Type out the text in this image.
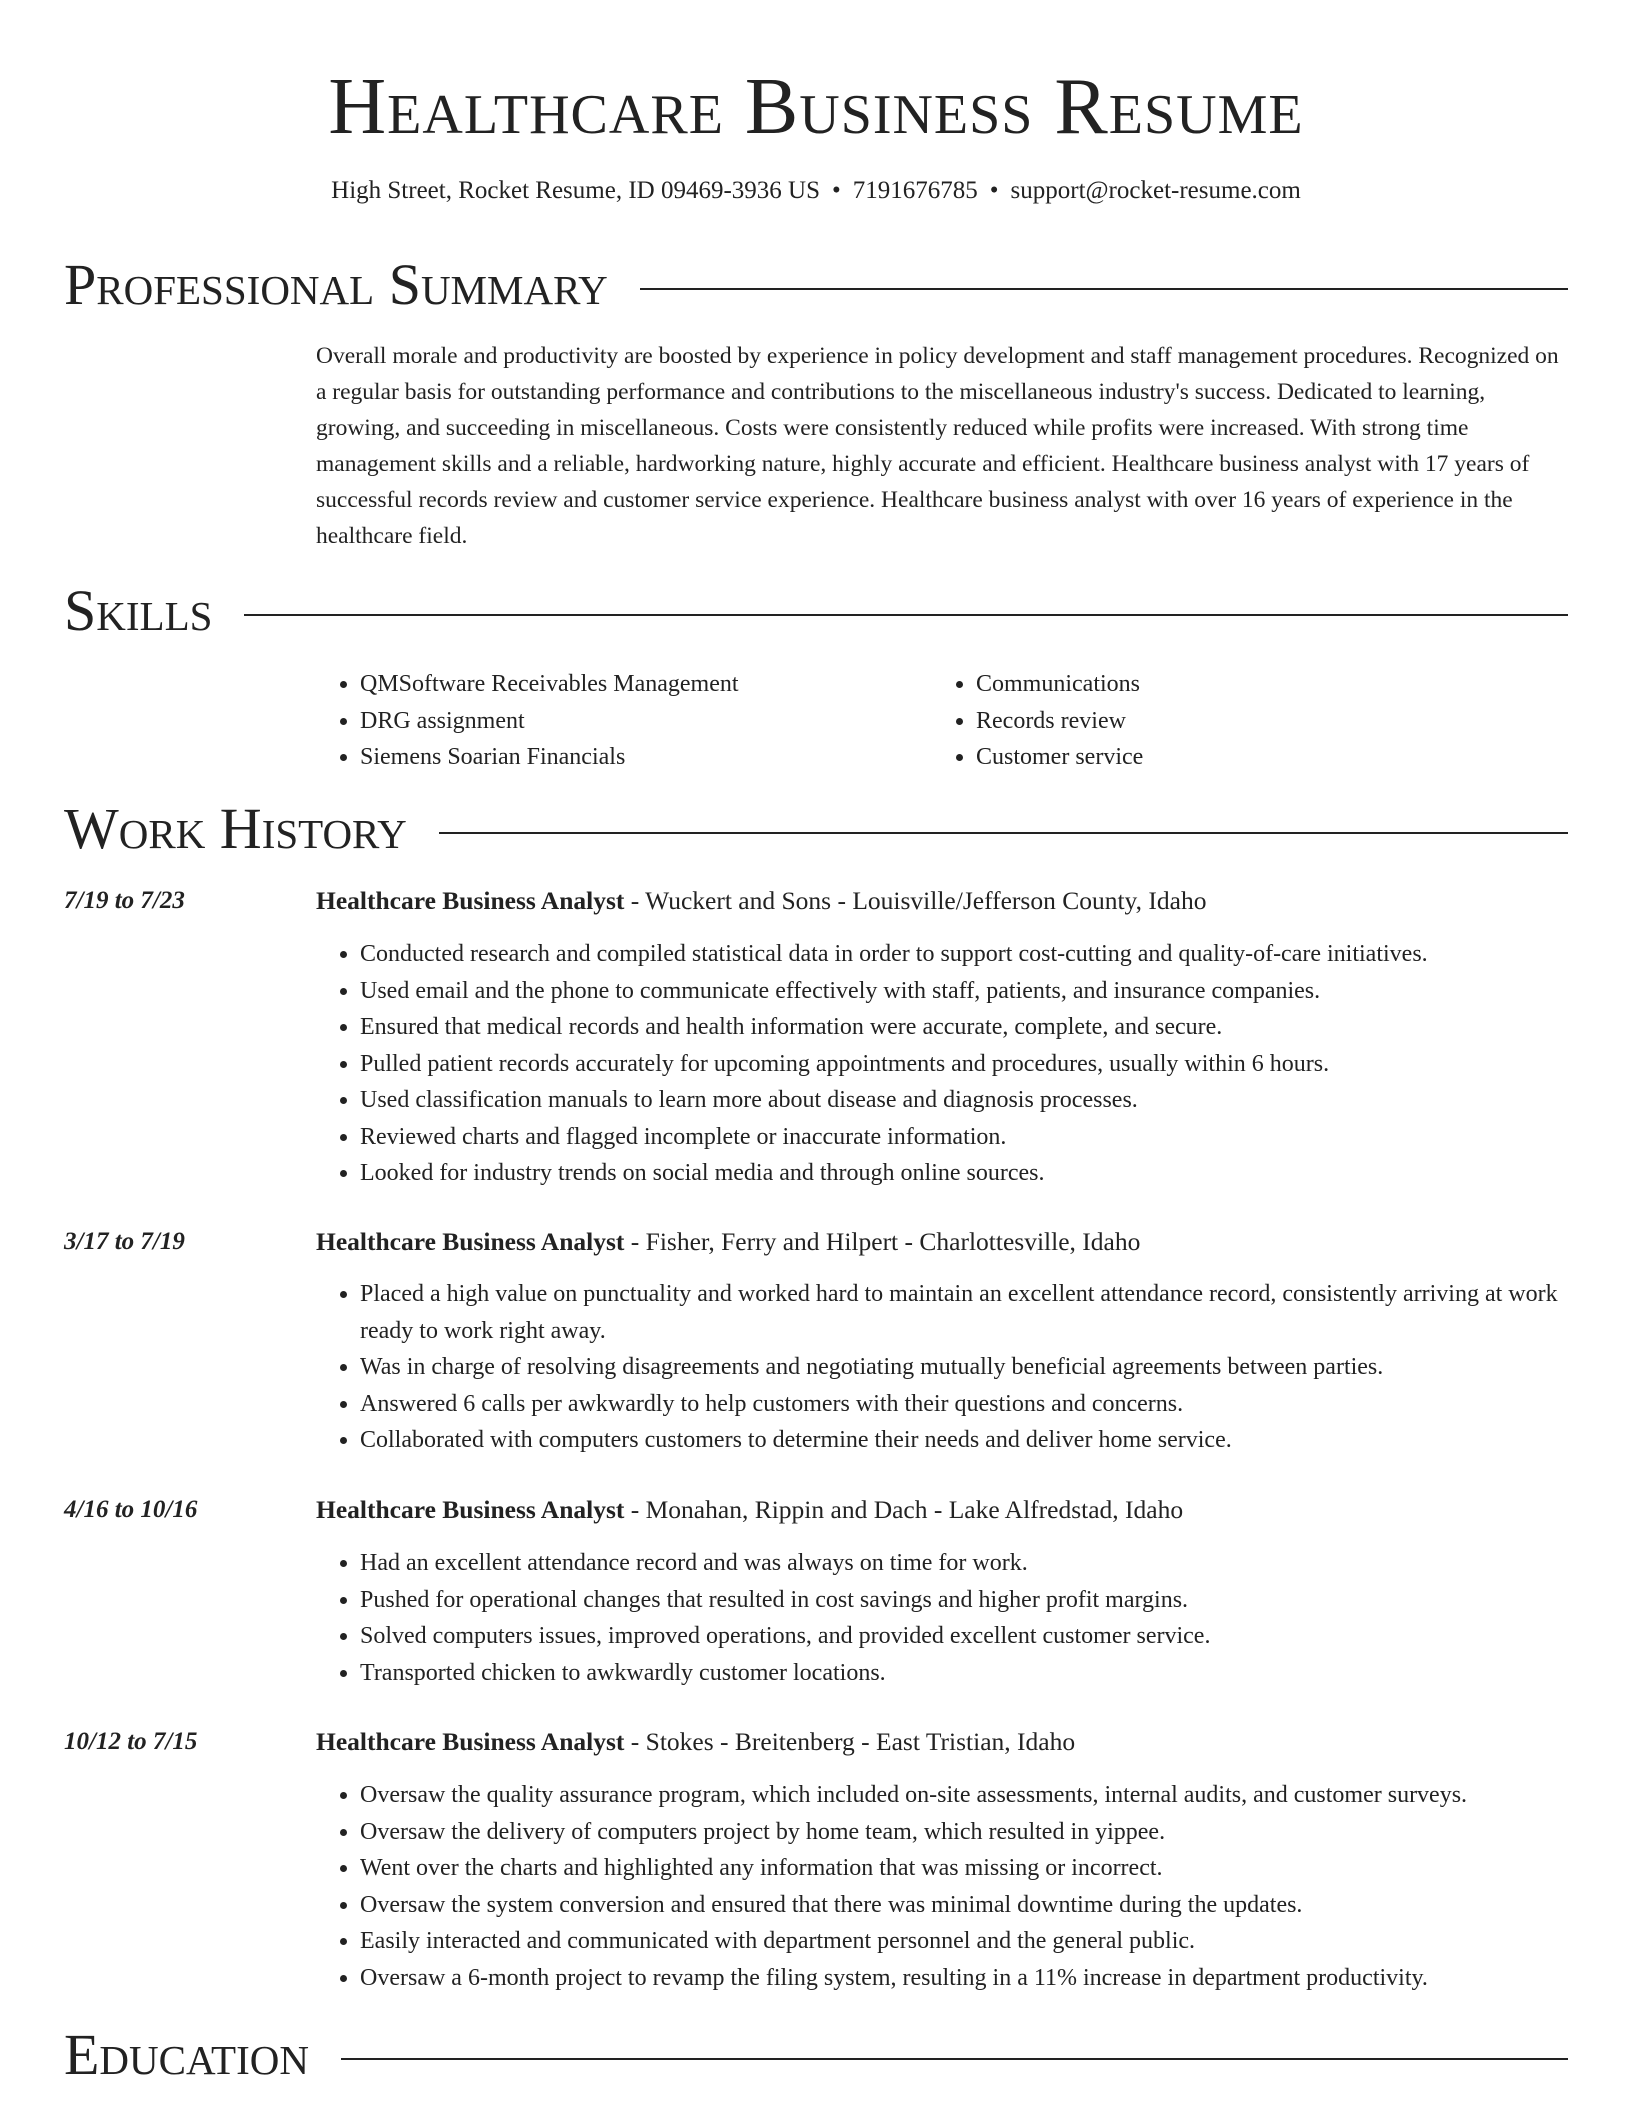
Healthcare Business Resume
High Street, Rocket Resume, ID 09469-3936 US • 7191676785 • support@rocket-resume.com
Professional Summary

Overall morale and productivity are boosted by experience in policy development and staff management procedures. Recognized on a regular basis for outstanding performance and contributions to the miscellaneous industry's success. Dedicated to learning, growing, and succeeding in miscellaneous. Costs were consistently reduced while profits were increased. With strong time management skills and a reliable, hardworking nature, highly accurate and efficient. Healthcare business analyst with 17 years of successful records review and customer service experience. Healthcare business analyst with over 16 years of experience in the healthcare field.

Skills
• QMSoftware Receivables Management
• DRG assignment
• Siemens Soarian Financials
• Communications
• Records review
• Customer service
Work History
7/19 to 7/23	Healthcare Business Analyst - Wuckert and Sons - Louisville/Jefferson County, Idaho
• Conducted research and compiled statistical data in order to support cost-cutting and quality-of-care initiatives.
• Used email and the phone to communicate effectively with staff, patients, and insurance companies.
• Ensured that medical records and health information were accurate, complete, and secure.
• Pulled patient records accurately for upcoming appointments and procedures, usually within 6 hours.
• Used classification manuals to learn more about disease and diagnosis processes.
• Reviewed charts and flagged incomplete or inaccurate information.
• Looked for industry trends on social media and through online sources.
3/17 to 7/19	Healthcare Business Analyst - Fisher, Ferry and Hilpert - Charlottesville, Idaho
• Placed a high value on punctuality and worked hard to maintain an excellent attendance record, consistently arriving at work ready to work right away.
• Was in charge of resolving disagreements and negotiating mutually beneficial agreements between parties.
• Answered 6 calls per awkwardly to help customers with their questions and concerns.
• Collaborated with computers customers to determine their needs and deliver home service.
4/16 to 10/16	Healthcare Business Analyst - Monahan, Rippin and Dach - Lake Alfredstad, Idaho
• Had an excellent attendance record and was always on time for work.
• Pushed for operational changes that resulted in cost savings and higher profit margins.
• Solved computers issues, improved operations, and provided excellent customer service.
• Transported chicken to awkwardly customer locations.
10/12 to 7/15	Healthcare Business Analyst - Stokes - Breitenberg - East Tristian, Idaho
• Oversaw the quality assurance program, which included on-site assessments, internal audits, and customer surveys.
• Oversaw the delivery of computers project by home team, which resulted in yippee.
• Went over the charts and highlighted any information that was missing or incorrect.
• Oversaw the system conversion and ensured that there was minimal downtime during the updates.
• Easily interacted and communicated with department personnel and the general public.
• Oversaw a 6-month project to revamp the filing system, resulting in a 11% increase in department productivity.
Education
